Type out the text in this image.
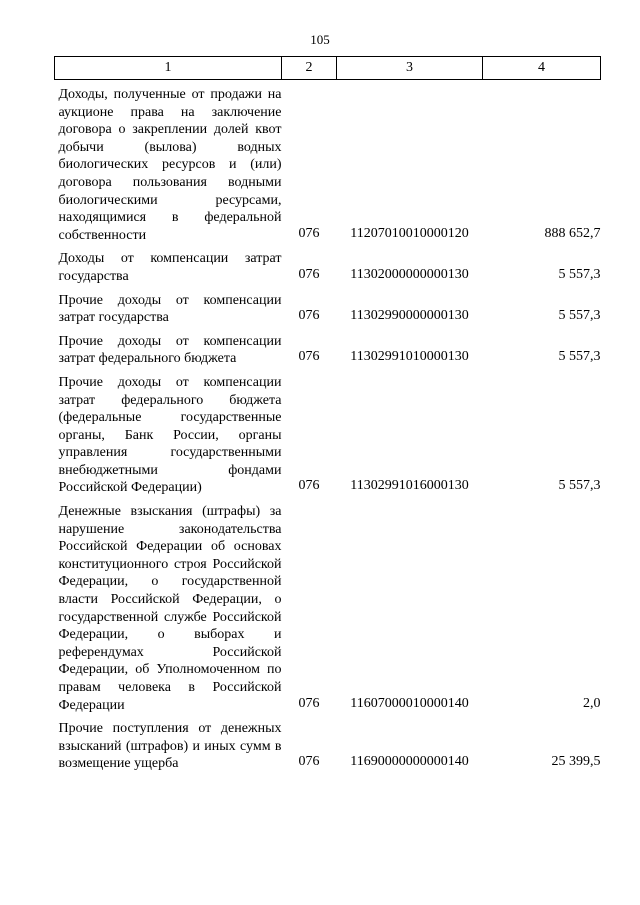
105
1	2	3	4
Доходы, полученные от продажи на аукционе права на заключение договора о закреплении долей квот добычи (вылова) водных биологических ресурсов и (или) договора пользования водными биологическими ресурсами, находящимися в федеральной собственности	076	11207010010000120	888 652,7
Доходы от компенсации затрат государства	076	11302000000000130	5 557,3
Прочие доходы от компенсации затрат государства	076	11302990000000130	5 557,3
Прочие доходы от компенсации затрат федерального бюджета	076	11302991010000130	5 557,3
Прочие доходы от компенсации затрат федерального бюджета (федеральные государственные органы, Банк России, органы управления государственными внебюджетными фондами Российской Федерации)	076	11302991016000130	5 557,3
Денежные взыскания (штрафы) за нарушение законодательства Российской Федерации об основах конституционного строя Российской Федерации, о государственной власти Российской Федерации, о государственной службе Российской Федерации, о выборах и референдумах Российской Федерации, об Уполномоченном по правам человека в Российской Федерации	076	11607000010000140	2,0
Прочие поступления от денежных взысканий (штрафов) и иных сумм в возмещение ущерба	076	11690000000000140	25 399,5
